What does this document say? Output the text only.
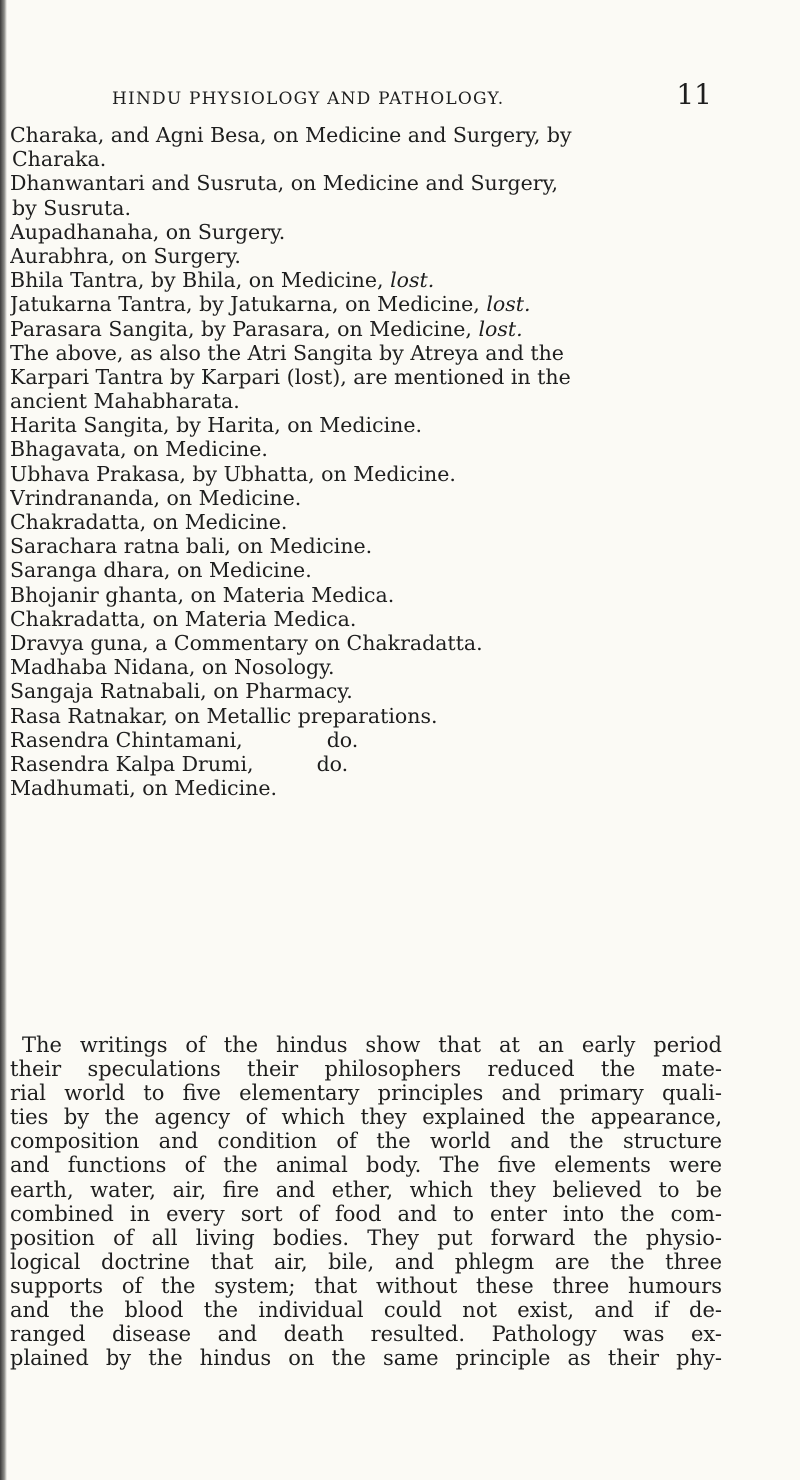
HINDU PHYSIOLOGY AND PATHOLOGY.	11
Charaka, and Agni Besa, on Medicine and Surgery, by
Charaka.
Dhanwantari and Susruta, on Medicine and Surgery,
by Susruta.
Aupadhanaha, on Surgery.
Aurabhra, on Surgery.
Bhila Tantra, by Bhila, on Medicine, lost.
Jatukarna Tantra, by Jatukarna, on Medicine, lost.
Parasara Sangita, by Parasara, on Medicine, lost.
The above, as also the Atri Sangita by Atreya and the
Karpari Tantra by Karpari (lost), are mentioned in the
ancient Mahabharata.
Harita Sangita, by Harita, on Medicine.
Bhagavata, on Medicine.
Ubhava Prakasa, by Ubhatta, on Medicine.
Vrindrananda, on Medicine.
Chakradatta, on Medicine.
Sarachara ratna bali, on Medicine.
Saranga dhara, on Medicine.
Bhojanir ghanta, on Materia Medica.
Chakradatta, on Materia Medica.
Dravya guna, a Commentary on Chakradatta.
Madhaba Nidana, on Nosology.
Sangaja Ratnabali, on Pharmacy.
Rasa Ratnakar, on Metallic preparations.
Rasendra Chintamani,	do.
Rasendra Kalpa Drumi,	do.
Madhumati, on Medicine.
The writings of the hindus show that at an early period
their speculations their philosophers reduced the mate-
rial world to five elementary principles and primary quali-
ties by the agency of which they explained the appearance,
composition and condition of the world and the structure
and functions of the animal body. The five elements were
earth, water, air, fire and ether, which they believed to be
combined in every sort of food and to enter into the com-
position of all living bodies. They put forward the physio-
logical doctrine that air, bile, and phlegm are the three
supports of the system; that without these three humours
and the blood the individual could not exist, and if de-
ranged disease and death resulted. Pathology was ex-
plained by the hindus on the same principle as their phy-
